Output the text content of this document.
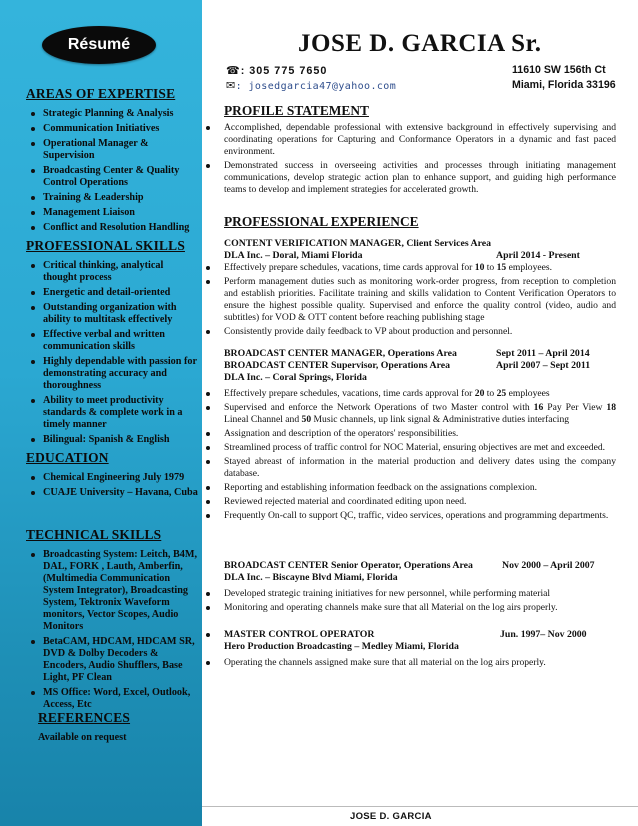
Résumé
AREAS OF EXPERTISE
Strategic Planning & Analysis
Communication Initiatives
Operational Manager & Supervision
Broadcasting Center & Quality Control Operations
Training & Leadership
Management Liaison
Conflict and Resolution Handling
PROFESSIONAL SKILLS
Critical thinking, analytical thought process
Energetic and detail-oriented
Outstanding organization with ability to multitask effectively
Effective verbal and written communication skills
Highly dependable with passion for demonstrating accuracy and thoroughness
Ability to meet productivity standards & complete work in a timely manner
Bilingual: Spanish & English
EDUCATION
Chemical Engineering July 1979
CUAJE University – Havana, Cuba
TECHNICAL SKILLS
Broadcasting System: Leitch, B4M, DAL, FORK , Lauth, Amberfin, (Multimedia Communication System Integrator), Broadcasting System, Tektronix Waveform monitors, Vector Scopes, Audio Monitors
BetaCAM, HDCAM, HDCAM SR, DVD & Dolby Decoders & Encoders, Audio Shufflers, Base Light, PF Clean
MS Office: Word, Excel, Outlook, Access, Etc
REFERENCES
Available on request
JOSE D. GARCIA Sr.
☎: 305 775 7650
✉: josedgarcia47@yahoo.com
11610 SW 156th Ct
Miami, Florida 33196
PROFILE STATEMENT
Accomplished, dependable professional with extensive background in effectively supervising and coordinating operations for Capturing and Conformance Operators in a dynamic and fast paced environment.
Demonstrated success in overseeing activities and processes through initiating management communications, develop strategic action plan to enhance support, and guiding high performance teams to develop and implement strategies for accelerated growth.
PROFESSIONAL EXPERIENCE
CONTENT VERIFICATION MANAGER, Client Services Area
DLA Inc. – Doral, Miami Florida	April 2014 - Present
Effectively prepare schedules, vacations, time cards approval for 10 to 15 employees.
Perform management duties such as monitoring work-order progress, from reception to completion and establish priorities. Facilitate training and skills validation to Content Verification Operators to ensure the highest possible quality. Supervised and enforce the quality control (video, audio and subtitles) for VOD & OTT content before reaching publishing stage
Consistently provide daily feedback to VP about production and personnel.
BROADCAST CENTER MANAGER, Operations Area	Sept 2011 – April 2014
BROADCAST CENTER Supervisor, Operations Area	April 2007 – Sept 2011
DLA Inc. – Coral Springs, Florida
Effectively prepare schedules, vacations, time cards approval for 20 to 25 employees
Supervised and enforce the Network Operations of two Master control with 16 Pay Per View 18 Lineal Channel and 50 Music channels, up link signal & Administrative duties interfacing
Assignation and description of the operators' responsibilities.
Streamlined process of traffic control for NOC Material, ensuring objectives are met and exceeded.
Stayed abreast of information in the material production and delivery dates using the company database.
Reporting and establishing information feedback on the assignations complexion.
Reviewed rejected material and coordinated editing upon need.
Frequently On-call to support QC, traffic, video services, operations and programming departments.
BROADCAST CENTER Senior Operator, Operations Area	Nov 2000 – April 2007
DLA Inc. – Biscayne Blvd Miami, Florida
Developed strategic training initiatives for new personnel, while performing material
Monitoring and operating channels make sure that all Material on the log airs properly.
MASTER CONTROL OPERATOR	Jun. 1997– Nov 2000
Hero Production Broadcasting – Medley Miami, Florida
Operating the channels assigned make sure that all material on the log airs properly.
JOSE D. GARCIA
